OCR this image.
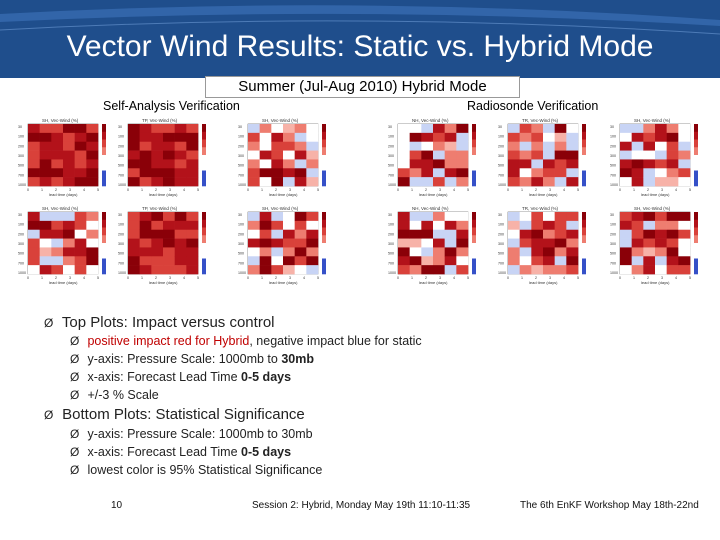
Vector Wind Results: Static vs. Hybrid Mode
Summer (Jul-Aug 2010) Hybrid Mode
Self-Analysis Verification	Radiosonde Verification
SH, Vec-Wind (%)
30
100
200
300
500
700
1000
0	1	2	3	4	5
lead time (days)
TP, Vec-Wind (%)
30
100
200
300
500
700
1000
0	1	2	3	4	5
lead time (days)
SH, Vec-Wind (%)
30
100
200
300
500
700
1000
0	1	2	3	4	5
lead time (days)
SH, Vec-Wind (%)
30
100
200
300
500
700
1000
0	1	2	3	4	5
lead time (days)
TP, Vec-Wind (%)
30
100
200
300
500
700
1000
0	1	2	3	4	5
lead time (days)
SH, Vec-Wind (%)
30
100
200
300
500
700
1000
0	1	2	3	4	5
lead time (days)
NH, Vec-Wind (%)
30
100
200
300
500
700
1000
0	1	2	3	4	5
lead time (days)
TR, Vec-Wind (%)
30
100
200
300
500
700
1000
0	1	2	3	4	5
lead time (days)
SH, Vec-Wind (%)
30
100
200
300
500
700
1000
0	1	2	3	4	5
lead time (days)
NH, Vec-Wind (%)
30
100
200
300
500
700
1000
0	1	2	3	4	5
lead time (days)
TR, Vec-Wind (%)
30
100
200
300
500
700
1000
0	1	2	3	4	5
lead time (days)
SH, Vec-Wind (%)
30
100
200
300
500
700
1000
0	1	2	3	4	5
lead time (days)
Ø Top Plots: Impact versus control
Ø positive impact red for Hybrid, negative impact blue for static
Ø y-axis: Pressure Scale: 1000mb to 30mb
Ø x-axis: Forecast Lead Time 0-5 days
Ø +/-3 % Scale
Ø Bottom Plots: Statistical Significance
Ø y-axis: Pressure Scale: 1000mb to 30mb
Ø x-axis: Forecast Lead Time 0-5 days
Ø lowest color is 95% Statistical Significance
10	Session 2: Hybrid, Monday May 19th 11:10-11:35	The 6th EnKF Workshop May 18th-22nd
